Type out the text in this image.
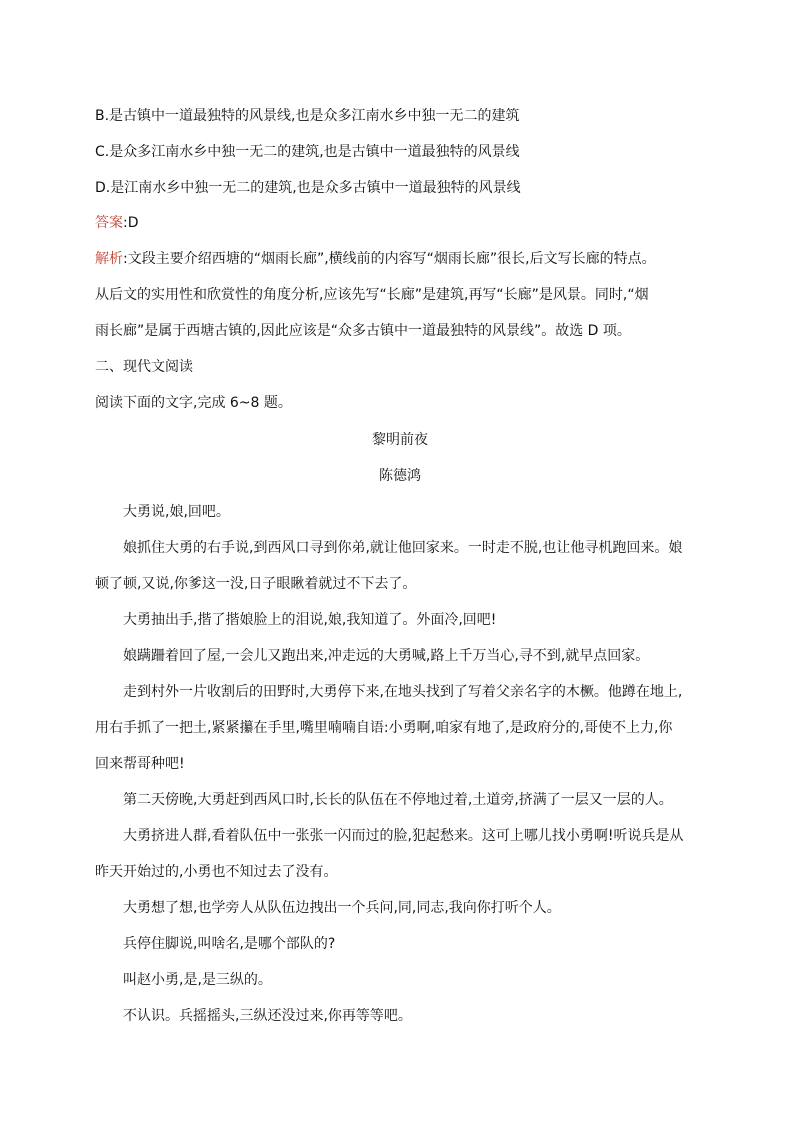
B.是古镇中一道最独特的风景线,也是众多江南水乡中独一无二的建筑
C.是众多江南水乡中独一无二的建筑,也是古镇中一道最独特的风景线
D.是江南水乡中独一无二的建筑,也是众多古镇中一道最独特的风景线
答案:D
解析:文段主要介绍西塘的“烟雨长廊”,横线前的内容写“烟雨长廊”很长,后文写长廊的特点。
从后文的实用性和欣赏性的角度分析,应该先写“长廊”是建筑,再写“长廊”是风景。同时,“烟
雨长廊”是属于西塘古镇的,因此应该是“众多古镇中一道最独特的风景线”。故选 D 项。
二、现代文阅读
阅读下面的文字,完成 6~8 题。
黎明前夜
陈德鸿
大勇说,娘,回吧。
娘抓住大勇的右手说,到西风口寻到你弟,就让他回家来。一时走不脱,也让他寻机跑回来。娘
顿了顿,又说,你爹这一没,日子眼瞅着就过不下去了。
大勇抽出手,揩了揩娘脸上的泪说,娘,我知道了。外面冷,回吧!
娘蹒跚着回了屋,一会儿又跑出来,冲走远的大勇喊,路上千万当心,寻不到,就早点回家。
走到村外一片收割后的田野时,大勇停下来,在地头找到了写着父亲名字的木橛。他蹲在地上,
用右手抓了一把土,紧紧攥在手里,嘴里喃喃自语:小勇啊,咱家有地了,是政府分的,哥使不上力,你
回来帮哥种吧!
第二天傍晚,大勇赶到西风口时,长长的队伍在不停地过着,土道旁,挤满了一层又一层的人。
大勇挤进人群,看着队伍中一张张一闪而过的脸,犯起愁来。这可上哪儿找小勇啊!听说兵是从
昨天开始过的,小勇也不知过去了没有。
大勇想了想,也学旁人从队伍边拽出一个兵问,同,同志,我向你打听个人。
兵停住脚说,叫啥名,是哪个部队的?
叫赵小勇,是,是三纵的。
不认识。兵摇摇头,三纵还没过来,你再等等吧。
